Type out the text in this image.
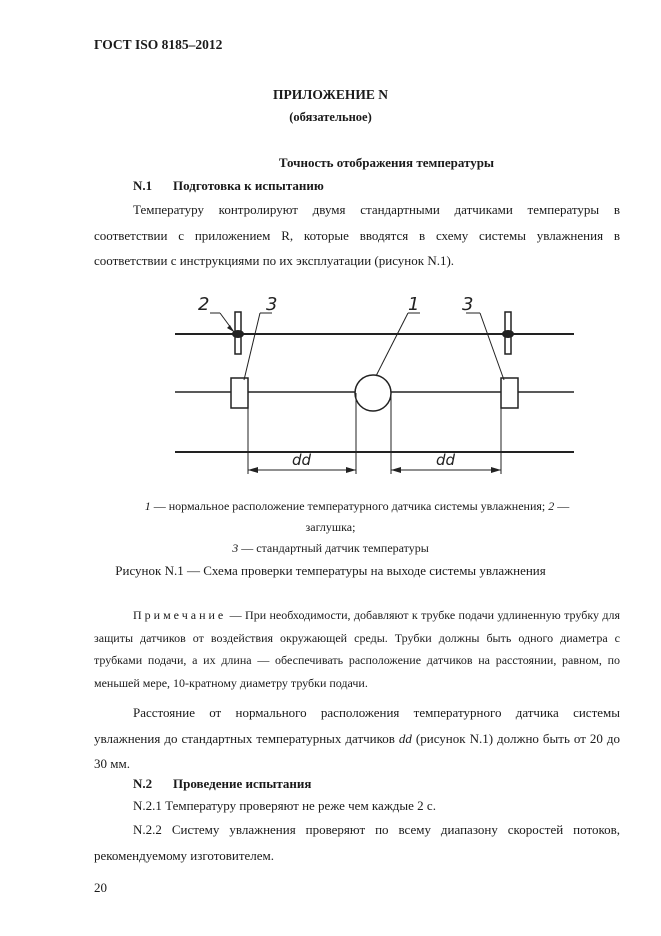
ГОСТ ISO 8185–2012
ПРИЛОЖЕНИЕ N
(обязательное)
Точность отображения температуры
N.1 Подготовка к испытанию
Температуру контролируют двумя стандартными датчиками температуры в соответствии с приложением R, которые вводятся в схему системы увлажнения в соответствии с инструкциями по их эксплуатации (рисунок N.1).
2	3	1 3
dd	dd
1 — нормальное расположение температурного датчика системы увлажнения; 2 —
заглушка;
3 — стандартный датчик температуры
Рисунок N.1 — Схема проверки температуры на выходе системы увлажнения
Примечание — При необходимости, добавляют к трубке подачи удлиненную трубку для защиты датчиков от воздействия окружающей среды. Трубки должны быть одного диаметра с трубками подачи, а их длина — обеспечивать расположение датчиков на расстоянии, равном, по меньшей мере, 10-кратному диаметру трубки подачи.
Расстояние от нормального расположения температурного датчика системы увлажнения до стандартных температурных датчиков dd (рисунок N.1) должно быть от 20 до 30 мм.
N.2 Проведение испытания
N.2.1 Температуру проверяют не реже чем каждые 2 с.
N.2.2 Систему увлажнения проверяют по всему диапазону скоростей потоков, рекомендуемому изготовителем.
20
